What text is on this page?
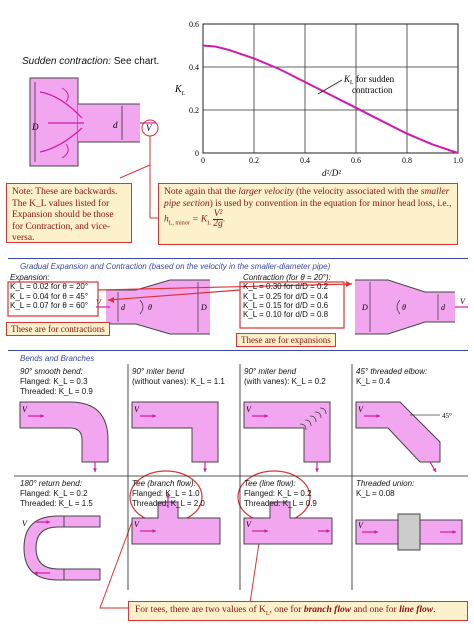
Sudden contraction: See chart.
D	d	V
0
0.2
0.4
0.6
0	0.2	0.4	0.6	0.8	1.0
$K_L$
d²/D²
$K_L$ for sudden
contraction
V
d	θ	D	D	θ	d
V
V	V	V	V
45°
V	V	V	V
Note: These are backwards. The K_L values listed for Expansion should be those for Contraction, and vice-versa.
Note again that the larger velocity (the velocity associated with the smaller pipe section) is used by convention in the equation for minor head loss, i.e., $h_{L, minor} = K_L \frac{\text{V²}}{2g}$ .
Gradual Expansion and Contraction (based on the velocity in the smaller-diameter pipe)
Expansion:
K_L = 0.02 for θ = 20°
K_L = 0.04 for θ = 45°
K_L = 0.07 for θ = 60°
Contraction (for θ = 20°):
K_L = 0.30 for d/D = 0.2
K_L = 0.25 for d/D = 0.4
K_L = 0.15 for d/D = 0.6
K_L = 0.10 for d/D = 0.8
These are for contractions
These are for expansions
Bends and Branches
90° smooth bend:
Flanged: K_L = 0.3
Threaded: K_L = 0.9
90° miter bend
(without vanes): K_L = 1.1
90° miter bend
(with vanes): K_L = 0.2
45° threaded elbow:
K_L = 0.4
180° return bend:
Flanged: K_L = 0.2
Threaded: K_L = 1.5
Tee (branch flow):
Flanged: K_L = 1.0
Threaded: K_L = 2.0
Tee (line flow):
Flanged: K_L = 0.2
Threaded: K_L = 0.9
Threaded union:
K_L = 0.08
For tees, there are two values of $K_L$, one for branch flow and one for line flow.
